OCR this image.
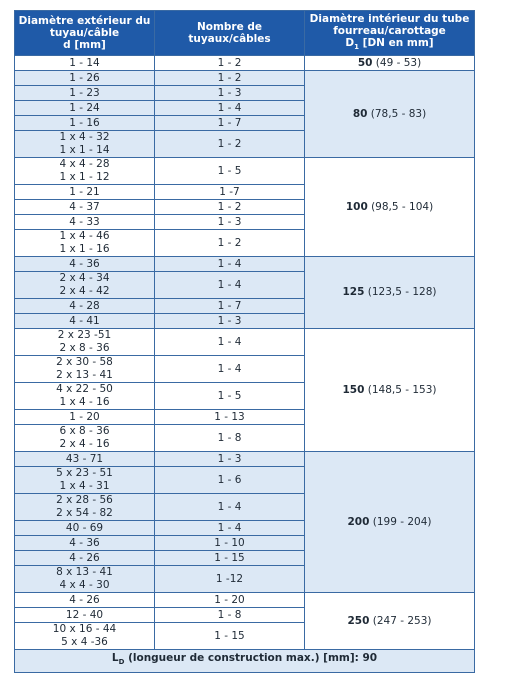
Diamètre extérieur du
tuyau/câble
d [mm]	Nombre de tuyaux/câbles	Diamètre intérieur du tube
fourreau/carottage
$D_1$ [DN en mm]

1 - 14	1 - 2	50 (49 - 53)

1 - 26	1 - 2	80 (78,5 - 83)

1 - 23	1 - 3	

1 - 24	1 - 4	

1 - 16	1 - 7	

1 x 4 - 32
1 x 1 - 14	1 - 2	

4 x 4 - 28
1 x 1 - 12	1 - 5	100 (98,5 - 104)

1 - 21	1 -7	

4 - 37	1 - 2	

4 - 33	1 - 3	

1 x 4 - 46
1 x 1 - 16	1 - 2	

4 - 36	1 - 4	125 (123,5 - 128)

2 x 4 - 34
2 x 4 - 42	1 - 4	

4 - 28	1 - 7	

4 - 41	1 - 3	

2 x 23 -51
2 x 8 - 36	1 - 4	150 (148,5 - 153)

2 x 30 - 58
2 x 13 - 41	1 - 4	

4 x 22 - 50
1 x 4 - 16	1 - 5	

1 - 20	1 - 13	

6 x 8 - 36
2 x 4 - 16	1 - 8	

43 - 71	1 - 3	200 (199 - 204)

5 x 23 - 51
1 x 4 - 31	1 - 6	

2 x 28 - 56
2 x 54 - 82	1 - 4	

40 - 69	1 - 4	

4 - 36	1 - 10	

4 - 26	1 - 15	

8 x 13 - 41
4 x 4 - 30	1 -12	

4 - 26	1 - 20	250 (247 - 253)

12 - 40	1 - 8	

10 x 16 - 44
5 x 4 -36	1 - 15	
$L_D$ (longueur de construction max.) [mm]: 90		
